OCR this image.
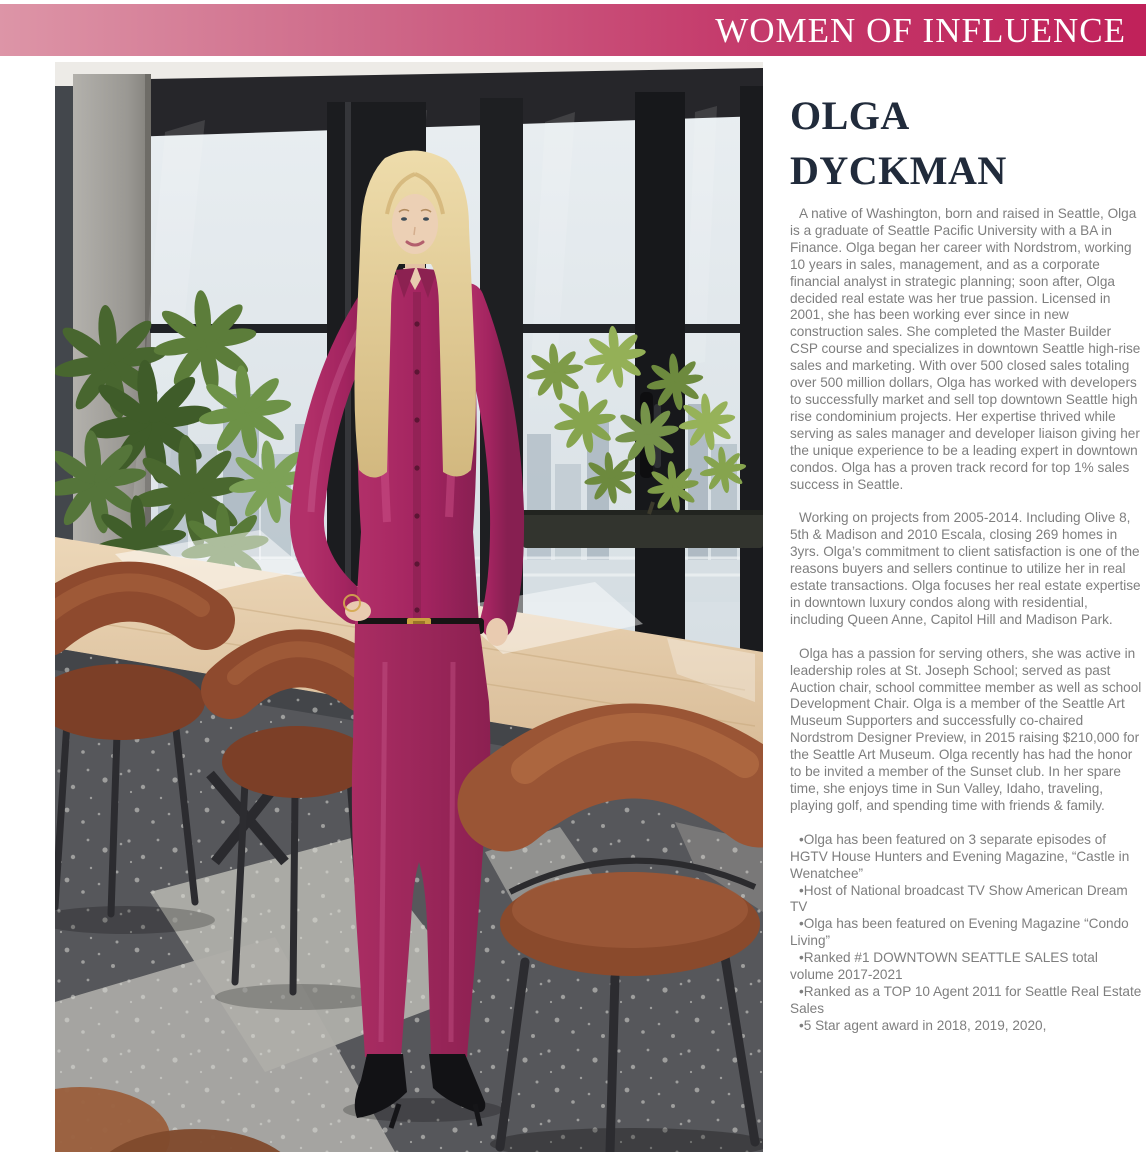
WOMEN OF INFLUENCE
OLGA
DYCKMAN

A native of Washington, born and raised in Seattle, Olga is a graduate of Seattle Pacific University with a BA in Finance. Olga began her career with Nordstrom, working 10 years in sales, management, and as a corporate financial analyst in strategic planning; soon after, Olga decided real estate was her true passion. Licensed in 2001, she has been working ever since in new construction sales. She completed the Master Builder CSP course and specializes in downtown Seattle high-rise sales and marketing. With over 500 closed sales totaling over 500 million dollars, Olga has worked with developers to successfully market and sell top downtown Seattle high rise condominium projects. Her expertise thrived while serving as sales manager and developer liaison giving her the unique experience to be a leading expert in downtown condos. Olga has a proven track record for top 1% sales success in Seattle.

Working on projects from 2005-2014. Including Olive 8, 5th & Madison and 2010 Escala, closing 269 homes in 3yrs. Olga’s commitment to client satisfaction is one of the reasons buyers and sellers continue to utilize her in real estate transactions. Olga focuses her real estate expertise in downtown luxury condos along with residential, including Queen Anne, Capitol Hill and Madison Park.

Olga has a passion for serving others, she was active in leadership roles at St. Joseph School; served as past Auction chair, school committee member as well as school Development Chair. Olga is a member of the Seattle Art Museum Supporters and successfully co-chaired Nordstrom Designer Preview, in 2015 raising $210,000 for the Seattle Art Museum. Olga recently has had the honor to be invited a member of the Sunset club. In her spare time, she enjoys time in Sun Valley, Idaho, traveling, playing golf, and spending time with friends & family.

•Olga has been featured on 3 separate episodes of HGTV House Hunters and Evening Magazine, “Castle in Wenatchee”

•Host of National broadcast TV Show American Dream TV

•Olga has been featured on Evening Magazine “Condo Living”

•Ranked #1 DOWNTOWN SEATTLE SALES total volume 2017-2021

•Ranked as a TOP 10 Agent 2011 for Seattle Real Estate Sales

•5 Star agent award in 2018, 2019, 2020,
